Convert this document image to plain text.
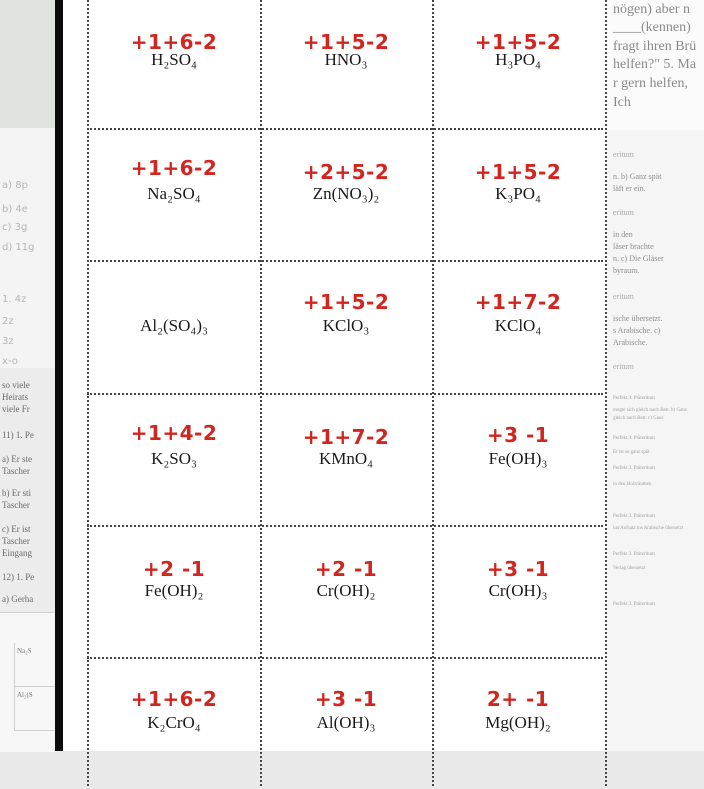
a) 8p
b) 4e
c) 3g
d) 11g
1. 4z
2z
3z
x-o
so viele
Heirats
viele Fr
11) 1. Pe
a) Er ste
Tascher
b) Er sti
Tascher
c) Er ist
Tascher
Eingang
12) 1. Pe
a) Gerha
Na₂S
Al₂(S
+1+6-2
H₂SO₄
+1+5-2
HNO₃
+1+5-2
H₃PO₄
+1+6-2
Na₂SO₄
+2+5-2
Zn(NO₃)₂
+1+5-2
K₃PO₄
Al₂(SO₄)₃
+1+5-2
KClO₃
+1+7-2
KClO₄
+1+4-2
K₂SO₃
+1+7-2
KMnO₄
+3 -1
Fe(OH)₃
+2 -1
Fe(OH)₂
+2 -1
Cr(OH)₂
+3 -1
Cr(OH)₃
+1+6-2
K₂CrO₄
+3 -1
Al(OH)₃
2+ -1
Mg(OH)₂
nögen) aber n
____(kennen)
fragt ihren Brü
helfen?" 5. Ma
r gern helfen,
Ich
eritum
n. b) Ganz spät
läft er ein.
eritum
in den
läser brachte
n. c) Die Gläser
byraum.
eritum
ische übersetzt.
s Arabische. c)
Arabische.
eritum
Perfekt 3. Präteritum
mogte sich gleich nach Betr. b) Ganz
gleich nach Betr. c) Gaus
Perfekt 3. Präteritum
Er ist so ganz spät
Perfekt 3. Präteritum
in den Holzräumen
Perfekt 3. Präteritum
hat Aufsatz ins Arabische übersetzt
Perfekt 3. Präteritum
Verlag übersetzt
Perfekt 3. Präteritum
